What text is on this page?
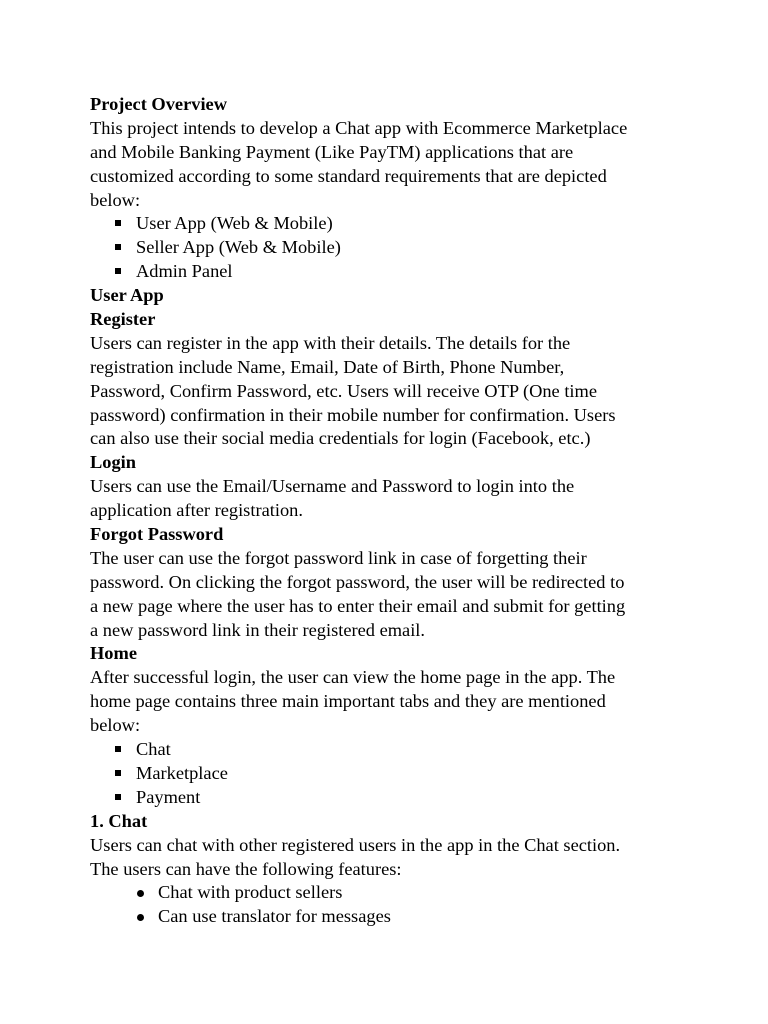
Project Overview
This project intends to develop a Chat app with Ecommerce Marketplace
and Mobile Banking Payment (Like PayTM) applications that are
customized according to some standard requirements that are depicted
below:
User App (Web & Mobile)
Seller App (Web & Mobile)
Admin Panel
User App
Register
Users can register in the app with their details. The details for the
registration include Name, Email, Date of Birth, Phone Number,
Password, Confirm Password, etc. Users will receive OTP (One time
password) confirmation in their mobile number for confirmation. Users
can also use their social media credentials for login (Facebook, etc.)
Login
Users can use the Email/Username and Password to login into the
application after registration.
Forgot Password
The user can use the forgot password link in case of forgetting their
password. On clicking the forgot password, the user will be redirected to
a new page where the user has to enter their email and submit for getting
a new password link in their registered email.
Home
After successful login, the user can view the home page in the app. The
home page contains three main important tabs and they are mentioned
below:
Chat
Marketplace
Payment
1. Chat
Users can chat with other registered users in the app in the Chat section.
The users can have the following features:
Chat with product sellers
Can use translator for messages
